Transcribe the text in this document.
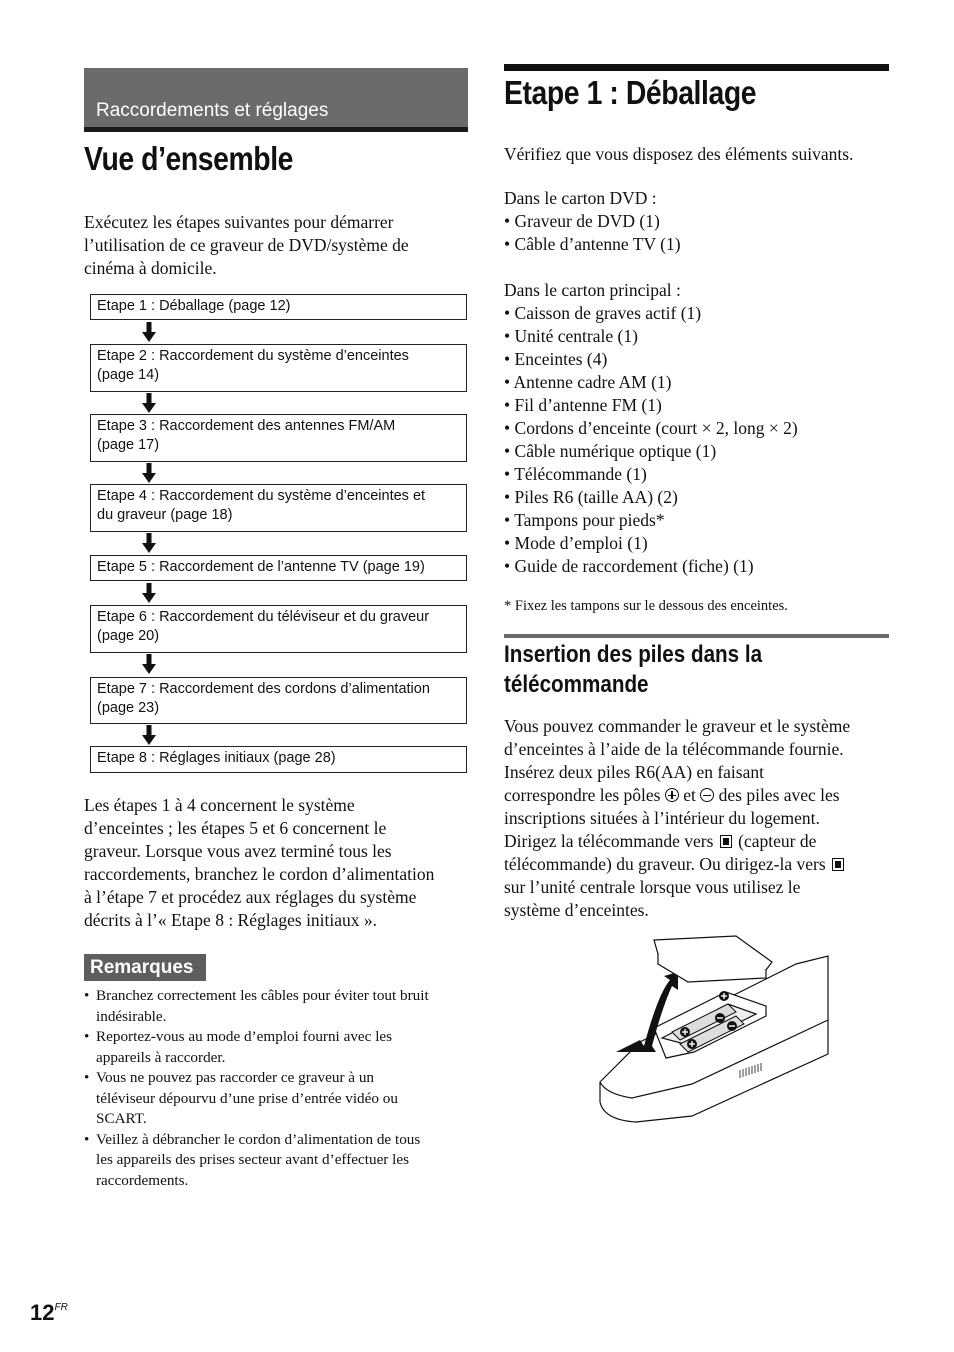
Raccordements et réglages
Vue d’ensemble
Exécutez les étapes suivantes pour démarrer
l’utilisation de ce graveur de DVD/système de
cinéma à domicile.
Etape 1 : Déballage (page 12)
Etape 2 : Raccordement du système d’enceintes
(page 14)
Etape 3 : Raccordement des antennes FM/AM
(page 17)
Etape 4 : Raccordement du système d’enceintes et
du graveur (page 18)
Etape 5 : Raccordement de l’antenne TV (page 19)
Etape 6 : Raccordement du téléviseur et du graveur
(page 20)
Etape 7 : Raccordement des cordons d’alimentation
(page 23)
Etape 8 : Réglages initiaux (page 28)
Les étapes 1 à 4 concernent le système
d’enceintes ; les étapes 5 et 6 concernent le
graveur. Lorsque vous avez terminé tous les
raccordements, branchez le cordon d’alimentation
à l’étape 7 et procédez aux réglages du système
décrits à l’« Etape 8 : Réglages initiaux ».
Remarques
• Branchez correctement les câbles pour éviter tout bruit
indésirable.
• Reportez-vous au mode d’emploi fourni avec les
appareils à raccorder.
• Vous ne pouvez pas raccorder ce graveur à un
téléviseur dépourvu d’une prise d’entrée vidéo ou
SCART.
• Veillez à débrancher le cordon d’alimentation de tous
les appareils des prises secteur avant d’effectuer les
raccordements.
Etape 1 : Déballage
Vérifiez que vous disposez des éléments suivants.
Dans le carton DVD :
• Graveur de DVD (1)
• Câble d’antenne TV (1)
Dans le carton principal :
• Caisson de graves actif (1)
• Unité centrale (1)
• Enceintes (4)
• Antenne cadre AM (1)
• Fil d’antenne FM (1)
• Cordons d’enceinte (court × 2, long × 2)
• Câble numérique optique (1)
• Télécommande (1)
• Piles R6 (taille AA) (2)
• Tampons pour pieds*
• Mode d’emploi (1)
• Guide de raccordement (fiche) (1)
* Fixez les tampons sur le dessous des enceintes.
Insertion des piles dans la
télécommande
Vous pouvez commander le graveur et le système
d’enceintes à l’aide de la télécommande fournie.
Insérez deux piles R6(AA) en faisant
correspondre les pôles  et  des piles avec les
inscriptions situées à l’intérieur du logement.
Dirigez la télécommande vers  (capteur de
télécommande) du graveur. Ou dirigez-la vers
sur l’unité centrale lorsque vous utilisez le
système d’enceintes.
$12^{FR}$
